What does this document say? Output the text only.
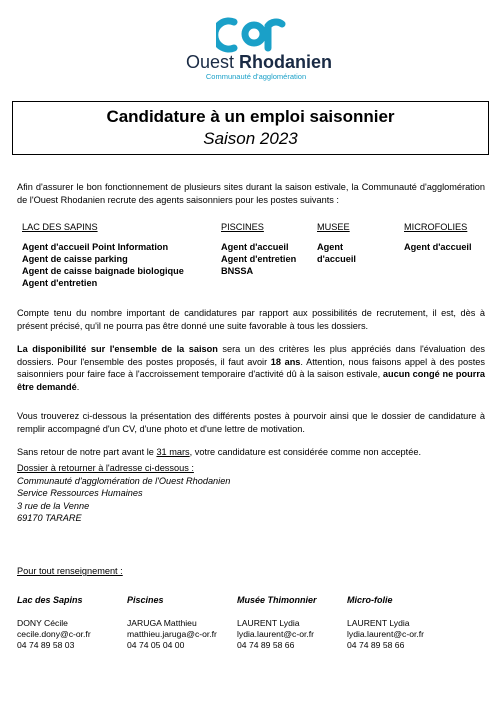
Ouest Rhodanien
Communauté d'agglomération
Candidature à un emploi saisonnier
Saison 2023
Afin d'assurer le bon fonctionnement de plusieurs sites durant la saison estivale, la Communauté d'agglomération de l'Ouest Rhodanien recrute des agents saisonniers pour les postes suivants :
LAC DES SAPINS
Agent d'accueil Point Information
Agent de caisse parking
Agent de caisse baignade biologique
Agent d'entretien
PISCINES
Agent d'accueil
Agent d'entretien
BNSSA
MUSEE
Agent
d'accueil
MICROFOLIES
Agent d'accueil
Compte tenu du nombre important de candidatures par rapport aux possibilités de recrutement, il est, dès à présent précisé, qu'il ne pourra pas être donné une suite favorable à tous les dossiers.
La disponibilité sur l'ensemble de la saison sera un des critères les plus appréciés dans l'évaluation des dossiers. Pour l'ensemble des postes proposés, il faut avoir 18 ans. Attention, nous faisons appel à des postes saisonniers pour faire face à l'accroissement temporaire d'activité dû à la saison estivale, aucun congé ne pourra être demandé.
Vous trouverez ci-dessous la présentation des différents postes à pourvoir ainsi que le dossier de candidature à remplir accompagné d'un CV, d'une photo et d'une lettre de motivation.
Sans retour de notre part avant le 31 mars, votre candidature est considérée comme non acceptée.
Dossier à retourner à l'adresse ci-dessous :
Communauté d'agglomération de l'Ouest Rhodanien
Service Ressources Humaines
3 rue de la Venne
69170 TARARE
Pour tout renseignement :
Lac des Sapins
DONY Cécile
cecile.dony@c-or.fr
04 74 89 58 03
Piscines
JARUGA Matthieu
matthieu.jaruga@c-or.fr
04 74 05 04 00
Musée Thimonnier
LAURENT Lydia
lydia.laurent@c-or.fr
04 74 89 58 66
Micro-folie
LAURENT Lydia
lydia.laurent@c-or.fr
04 74 89 58 66
